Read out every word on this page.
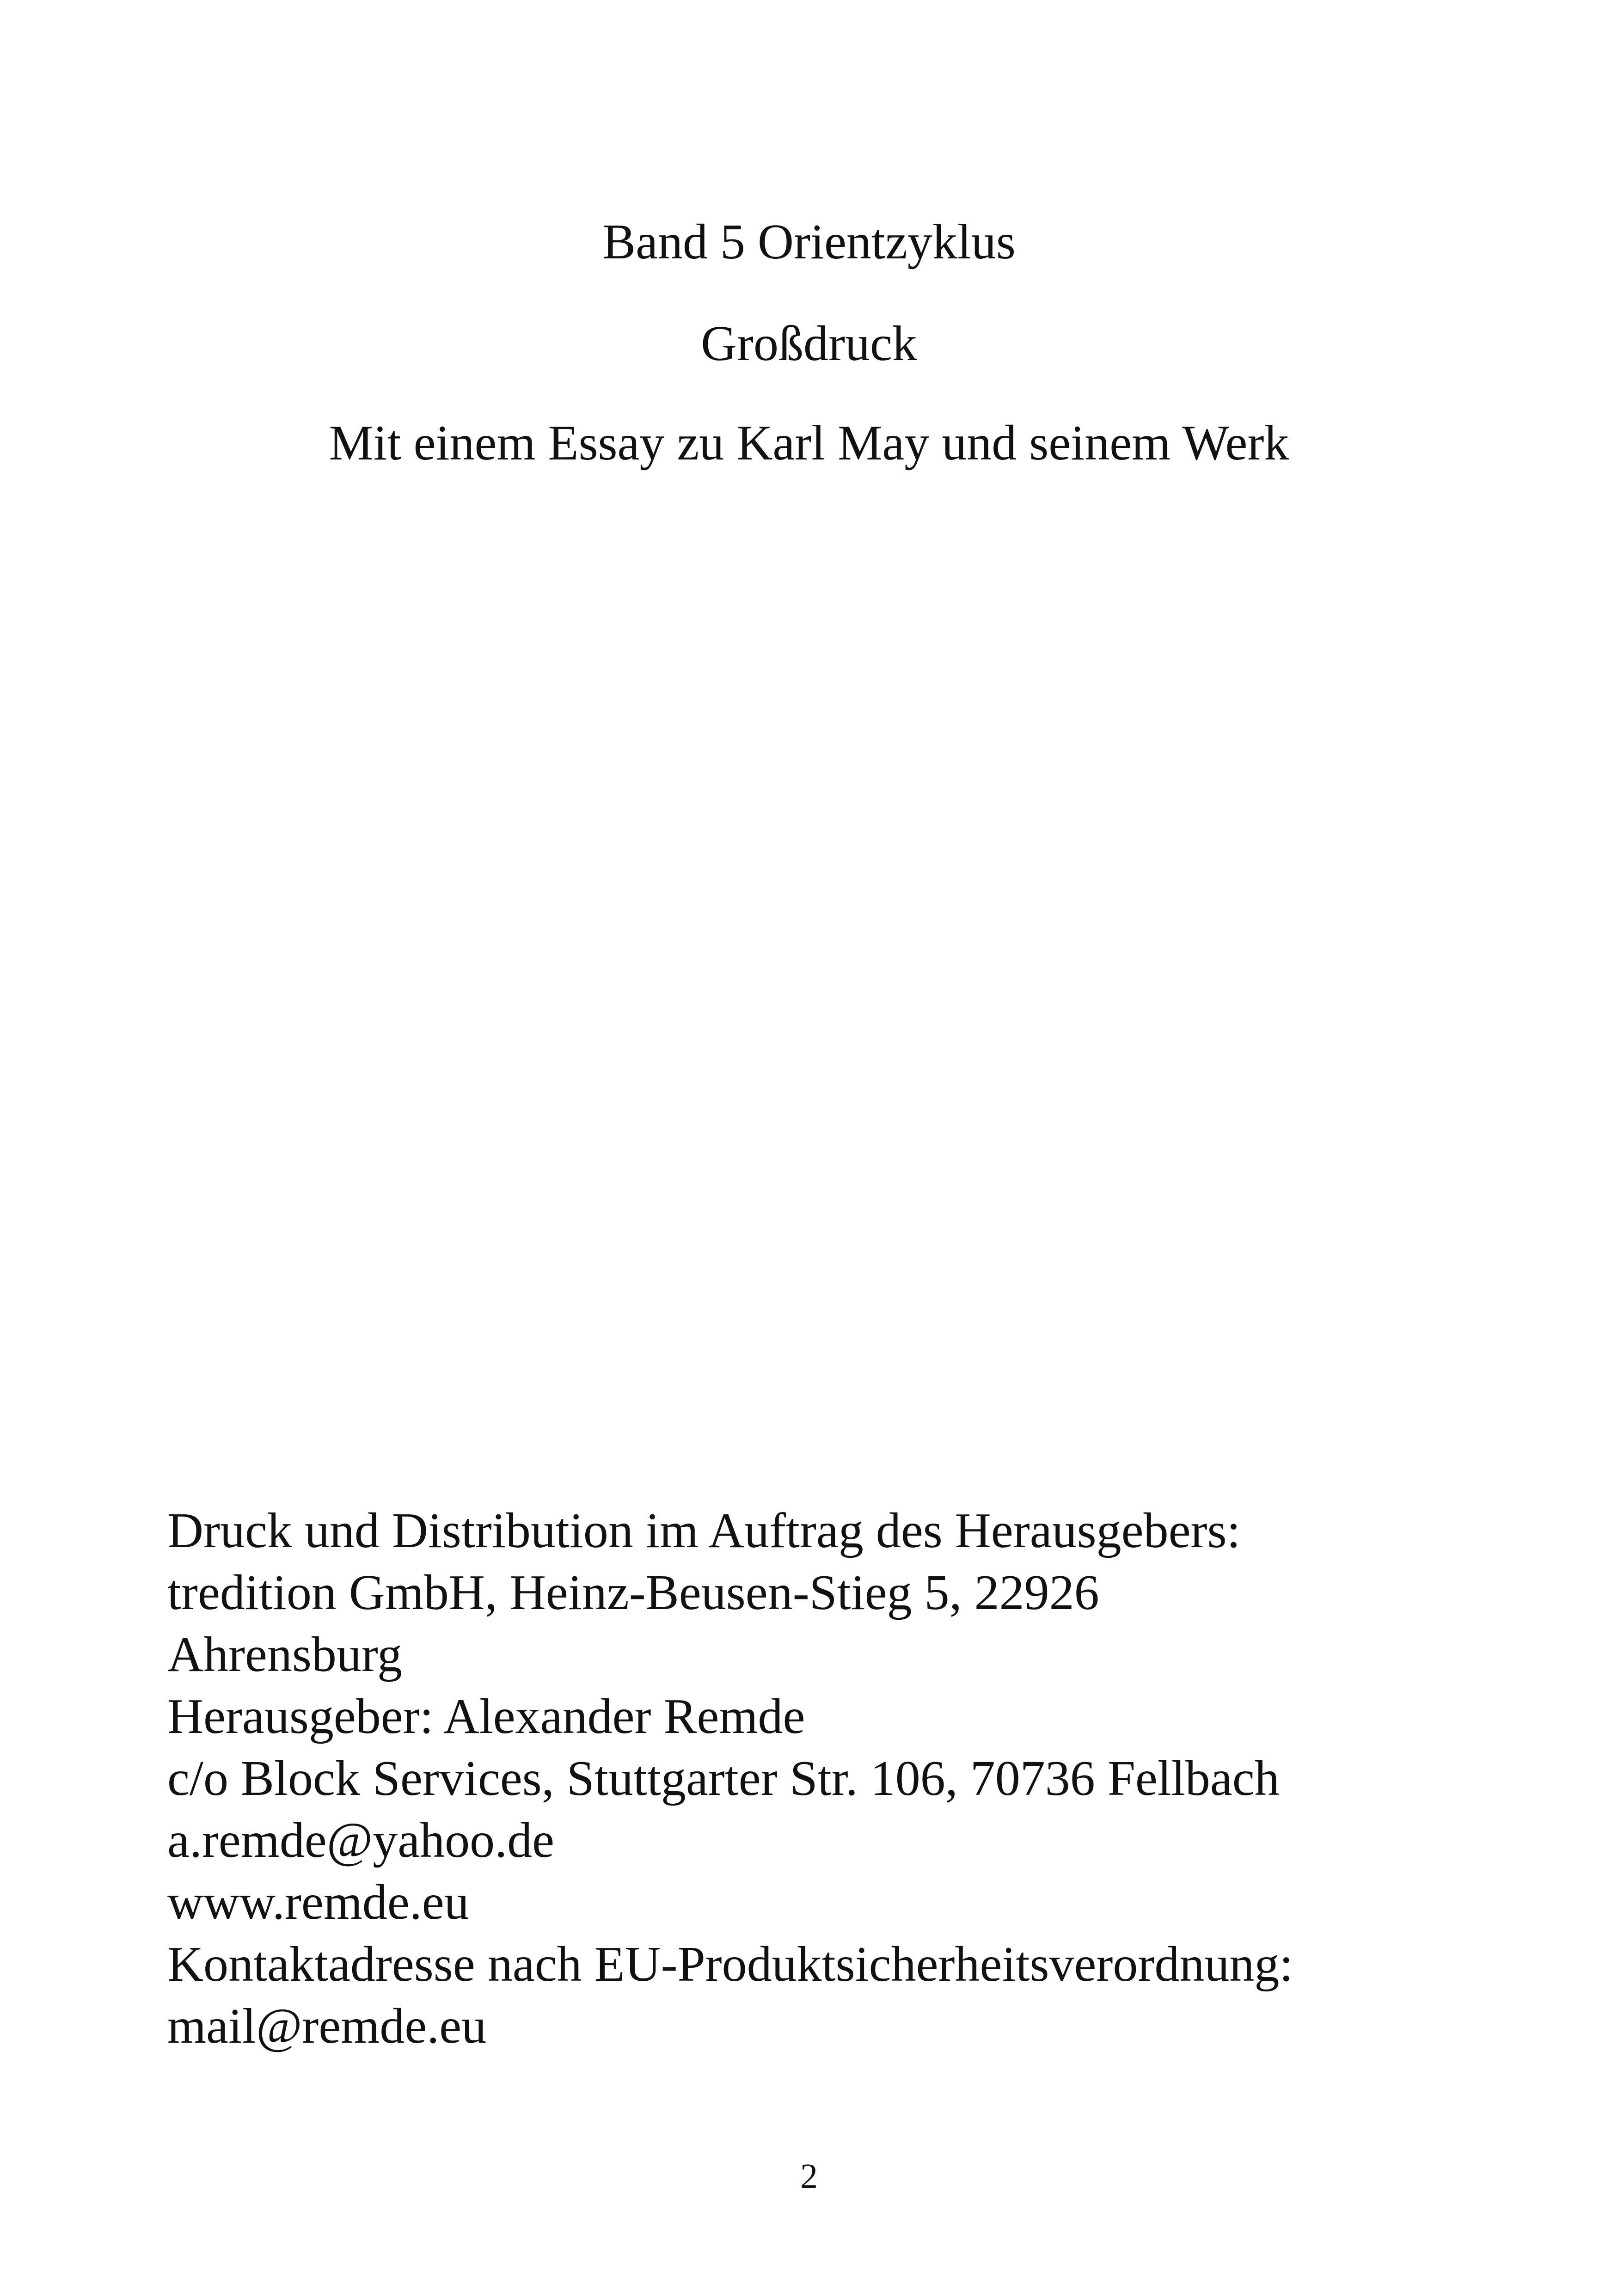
Band 5 Orientzyklus
Großdruck
Mit einem Essay zu Karl May und seinem Werk
Druck und Distribution im Auftrag des Herausgebers:
tredition GmbH, Heinz-Beusen-Stieg 5, 22926
Ahrensburg
Herausgeber: Alexander Remde
c/o Block Services, Stuttgarter Str. 106, 70736 Fellbach
a.remde@yahoo.de
www.remde.eu
Kontaktadresse nach EU-Produktsicherheitsverordnung:
mail@remde.eu
2
